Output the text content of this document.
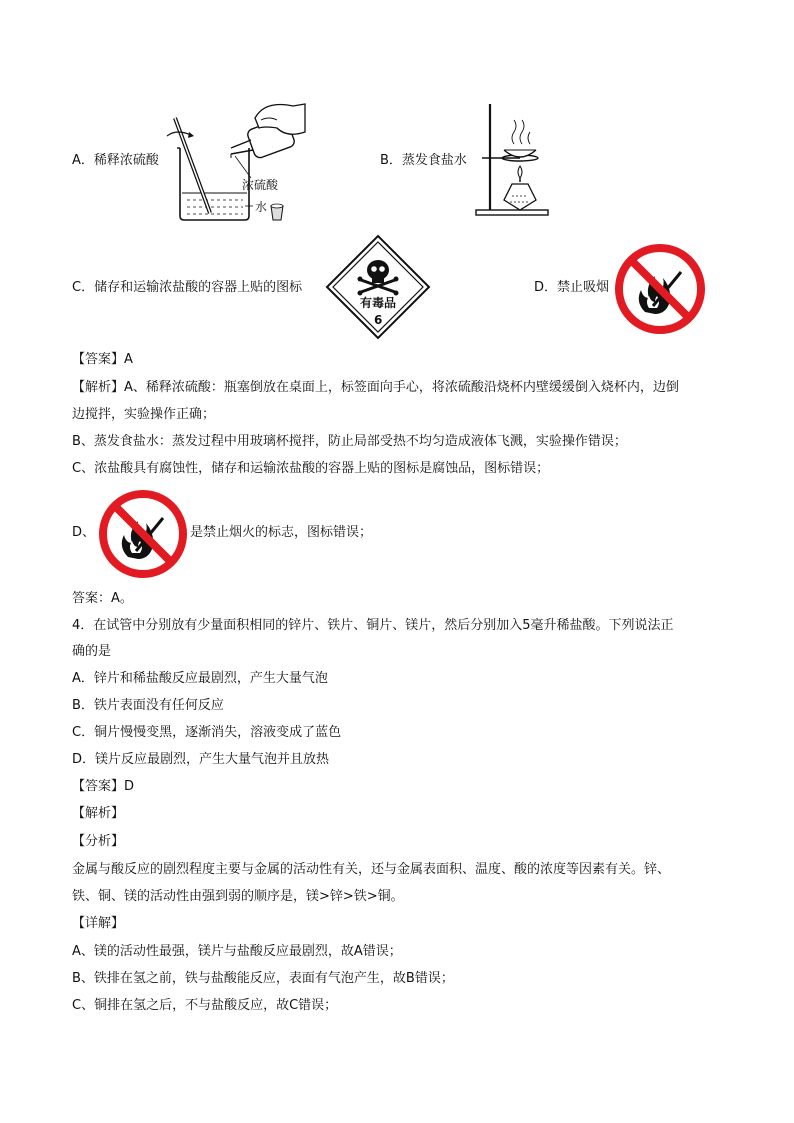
A．稀释浓硫酸
浓硫酸
水
B．蒸发食盐水
C．储存和运输浓盐酸的容器上贴的图标
有毒品
6
D．禁止吸烟
【答案】A
【解析】A、稀释浓硫酸：瓶塞倒放在桌面上，标签面向手心，将浓硫酸沿烧杯内壁缓缓倒入烧杯内，边倒
边搅拌，实验操作正确；
B、蒸发食盐水：蒸发过程中用玻璃杯搅拌，防止局部受热不均匀造成液体飞溅，实验操作错误；
C、浓盐酸具有腐蚀性，储存和运输浓盐酸的容器上贴的图标是腐蚀品，图标错误；
D、	是禁止烟火的标志，图标错误；
答案：A。
4．在试管中分别放有少量面积相同的锌片、铁片、铜片、镁片，然后分别加入5毫升稀盐酸。下列说法正
确的是
A．锌片和稀盐酸反应最剧烈，产生大量气泡
B．铁片表面没有任何反应
C．铜片慢慢变黑，逐渐消失，溶液变成了蓝色
D．镁片反应最剧烈，产生大量气泡并且放热
【答案】D
【解析】
【分析】
金属与酸反应的剧烈程度主要与金属的活动性有关，还与金属表面积、温度、酸的浓度等因素有关。锌、
铁、铜、镁的活动性由强到弱的顺序是，镁>锌>铁>铜。
【详解】
A、镁的活动性最强，镁片与盐酸反应最剧烈，故A错误；
B、铁排在氢之前，铁与盐酸能反应，表面有气泡产生，故B错误；
C、铜排在氢之后，不与盐酸反应，故C错误；
